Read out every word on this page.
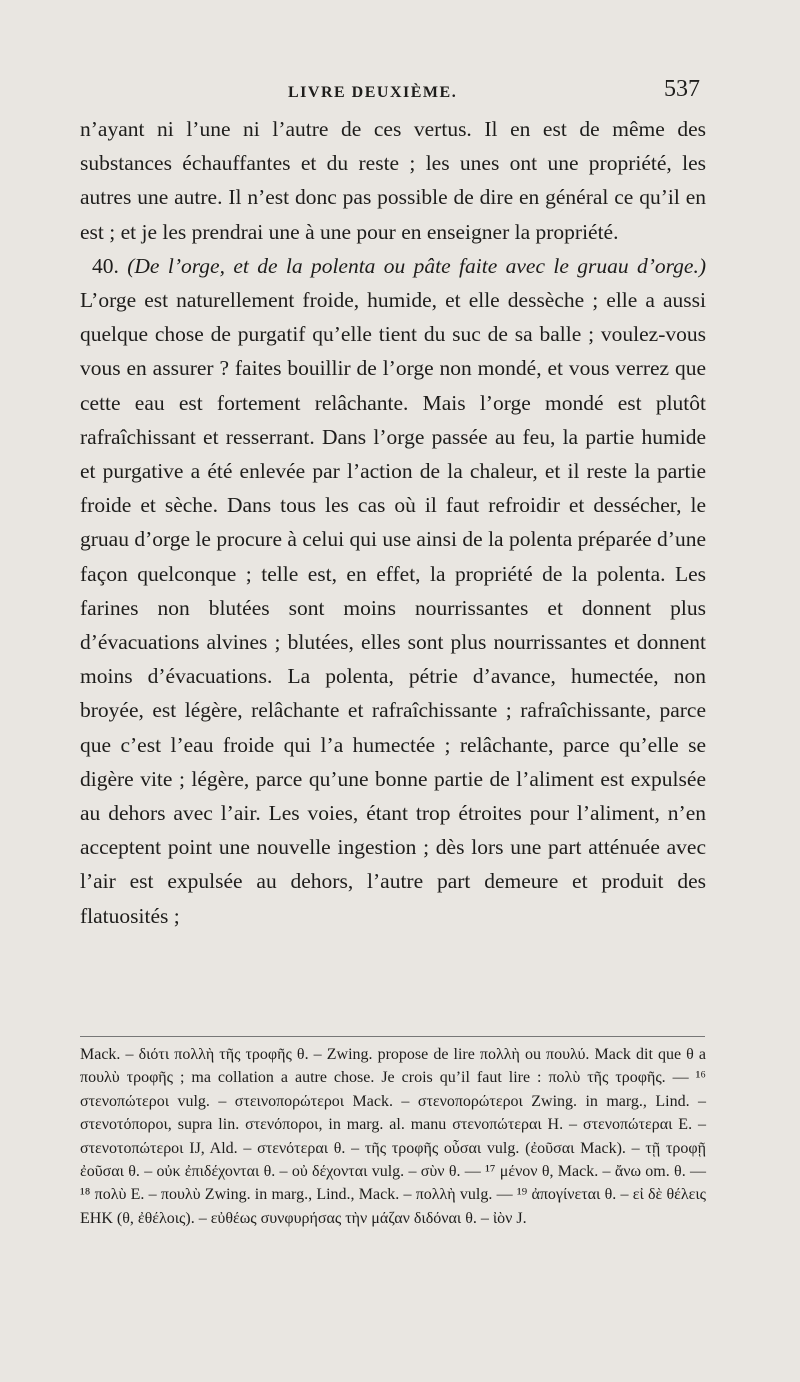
LIVRE DEUXIÈME.	537

n’ayant ni l’une ni l’autre de ces vertus. Il en est de même des substances échauffantes et du reste ; les unes ont une propriété, les autres une autre. Il n’est donc pas possible de dire en général ce qu’il en est ; et je les prendrai une à une pour en enseigner la propriété.

40. (De l’orge, et de la polenta ou pâte faite avec le gruau d’orge.) L’orge est naturellement froide, humide, et elle dessèche ; elle a aussi quelque chose de purgatif qu’elle tient du suc de sa balle ; voulez-vous vous en assurer ? faites bouillir de l’orge non mondé, et vous verrez que cette eau est fortement relâchante. Mais l’orge mondé est plutôt rafraîchissant et resserrant. Dans l’orge passée au feu, la partie humide et purgative a été enlevée par l’action de la chaleur, et il reste la partie froide et sèche. Dans tous les cas où il faut refroidir et dessécher, le gruau d’orge le procure à celui qui use ainsi de la polenta préparée d’une façon quelconque ; telle est, en effet, la propriété de la polenta. Les farines non blutées sont moins nourrissantes et donnent plus d’évacuations alvines ; blutées, elles sont plus nourrissantes et donnent moins d’évacuations. La polenta, pétrie d’avance, humectée, non broyée, est légère, relâchante et rafraîchissante ; rafraîchissante, parce que c’est l’eau froide qui l’a humectée ; relâchante, parce qu’elle se digère vite ; légère, parce qu’une bonne partie de l’aliment est expulsée au dehors avec l’air. Les voies, étant trop étroites pour l’aliment, n’en acceptent point une nouvelle ingestion ; dès lors une part atténuée avec l’air est expulsée au dehors, l’autre part demeure et produit des flatuosités ;

Mack. – διότι πολλὴ τῆς τροφῆς θ. – Zwing. propose de lire πολλὴ ou πουλύ. Mack dit que θ a πουλὺ τροφῆς ; ma collation a autre chose. Je crois qu’il faut lire : πολὺ τῆς τροφῆς. — ¹⁶ στενοπώτεροι vulg. – στεινοπορώτεροι Mack. – στενοπορώτεροι Zwing. in marg., Lind. – στενοτόποροι, supra lin. στενόποροι, in marg. al. manu στενοπώτεραι H. – στενοπώτεραι E. – στενοτοπώτεροι IJ, Ald. – στενότεραι θ. – τῆς τροφῆς οὖσαι vulg. (ἐοῦσαι Mack). – τῇ τροφῇ ἐοῦσαι θ. – οὐκ ἐπιδέχονται θ. – οὐ δέχονται vulg. – σὺν θ. — ¹⁷ μένον θ, Mack. – ἄνω om. θ. — ¹⁸ πολὺ E. – πουλὺ Zwing. in marg., Lind., Mack. – πολλὴ vulg. — ¹⁹ ἀπογίνεται θ. – εἰ δὲ θέλεις EHK (θ, ἐθέλοις). – εὐθέως συνφυρήσας τὴν μάζαν διδόναι θ. – ἰὸν J.
